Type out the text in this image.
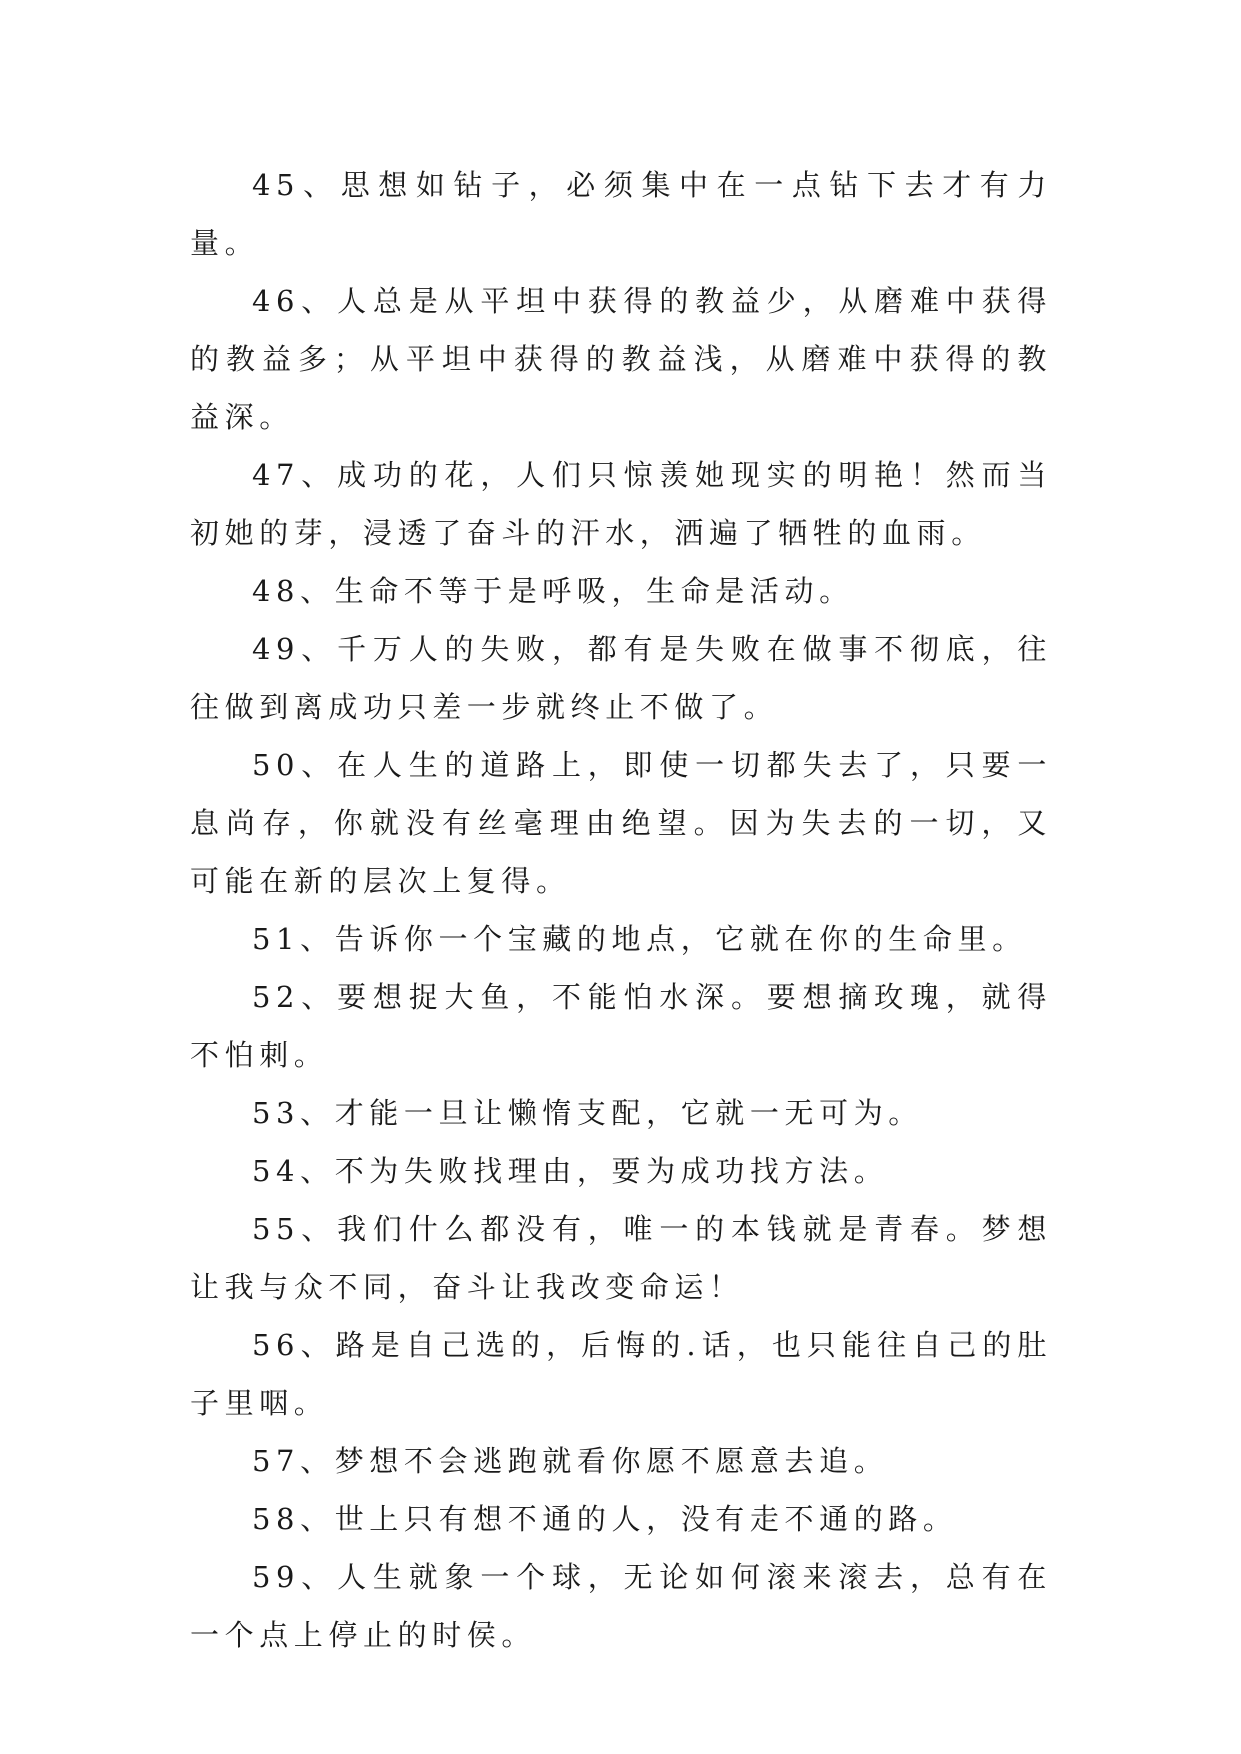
45、思想如钻子，必须集中在一点钻下去才有力量。

46、人总是从平坦中获得的教益少，从磨难中获得的教益多；从平坦中获得的教益浅，从磨难中获得的教益深。

47、成功的花，人们只惊羡她现实的明艳！然而当初她的芽，浸透了奋斗的汗水，洒遍了牺牲的血雨。

48、生命不等于是呼吸，生命是活动。

49、千万人的失败，都有是失败在做事不彻底，往往做到离成功只差一步就终止不做了。

50、在人生的道路上，即使一切都失去了，只要一息尚存，你就没有丝毫理由绝望。因为失去的一切，又可能在新的层次上复得。

51、告诉你一个宝藏的地点，它就在你的生命里。

52、要想捉大鱼，不能怕水深。要想摘玫瑰，就得不怕刺。

53、才能一旦让懒惰支配，它就一无可为。

54、不为失败找理由，要为成功找方法。

55、我们什么都没有，唯一的本钱就是青春。梦想让我与众不同，奋斗让我改变命运！

56、路是自己选的，后悔的.话，也只能往自己的肚子里咽。

57、梦想不会逃跑就看你愿不愿意去追。

58、世上只有想不通的人，没有走不通的路。

59、人生就象一个球，无论如何滚来滚去，总有在一个点上停止的时侯。
